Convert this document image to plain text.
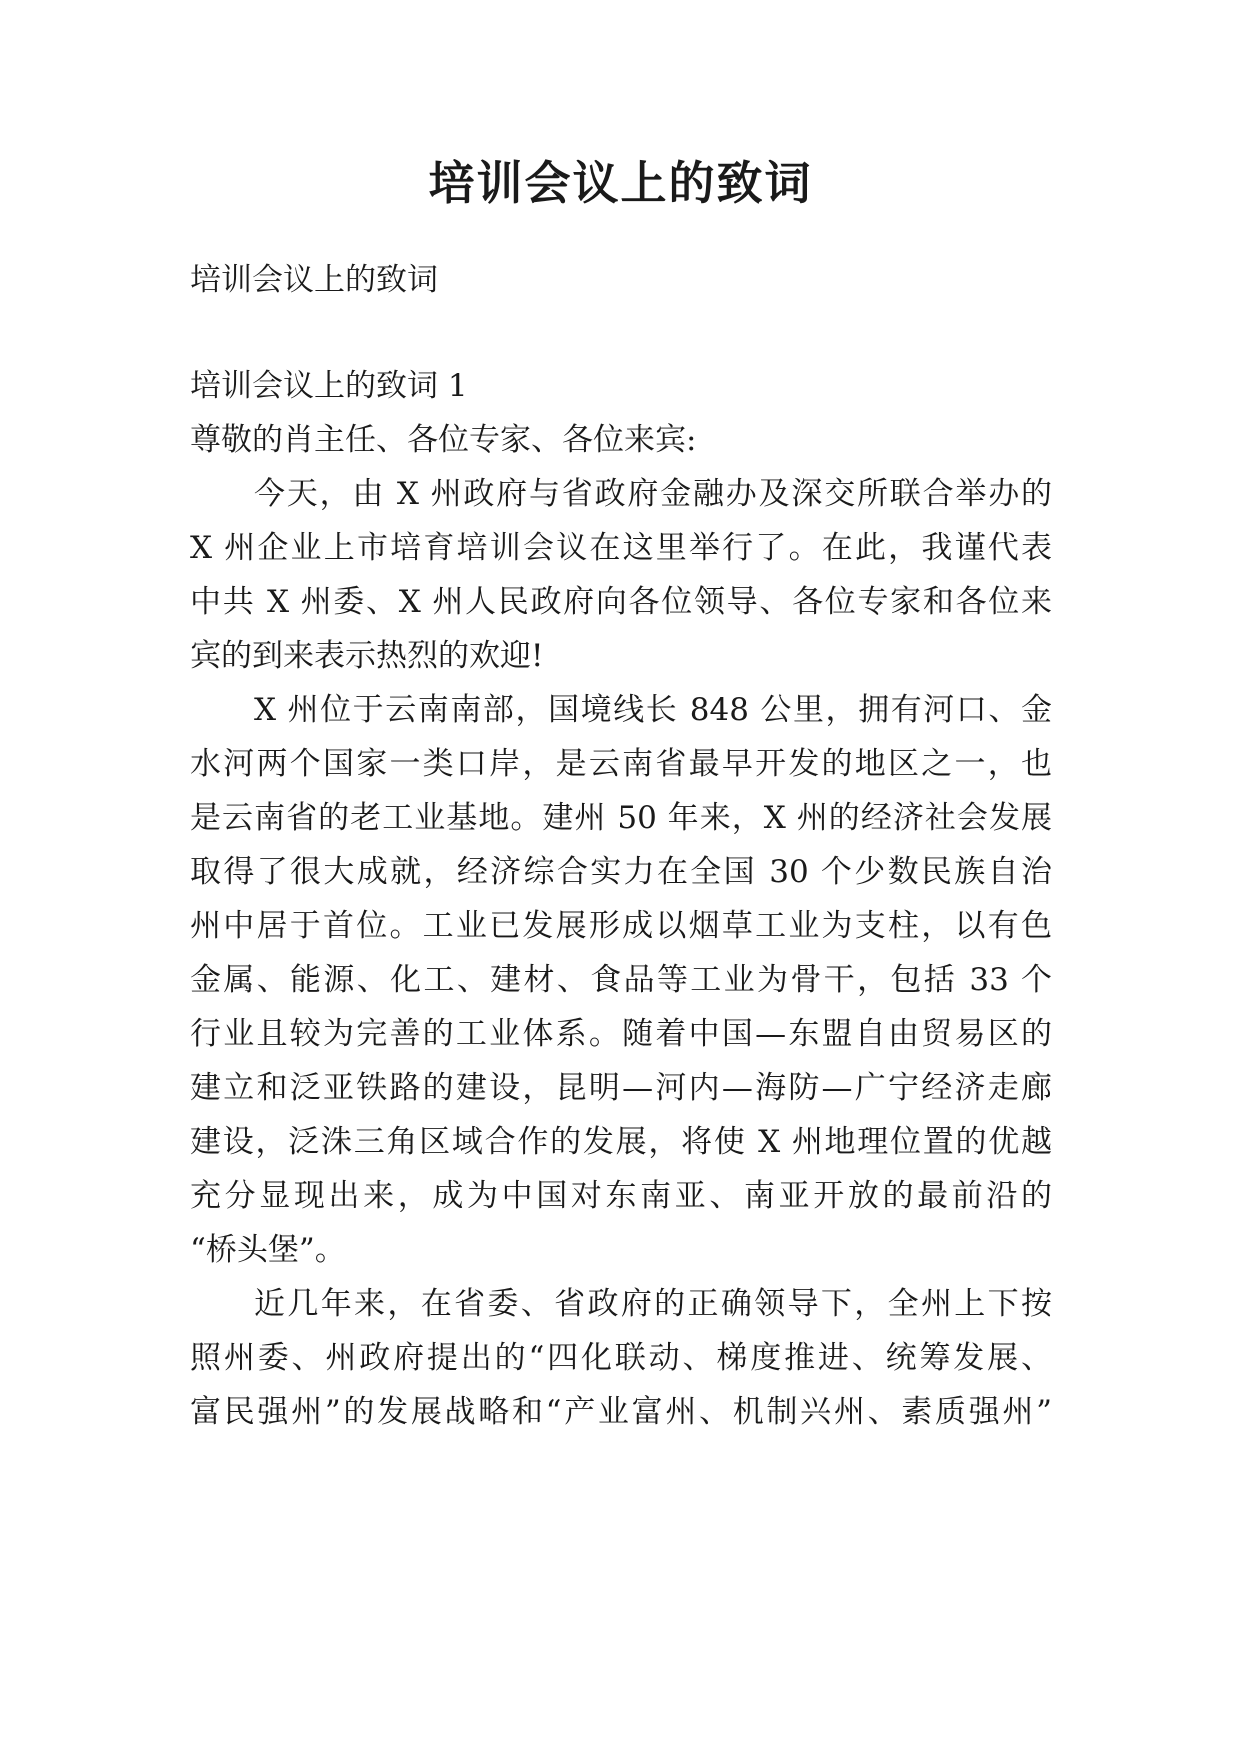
培训会议上的致词

培训会议上的致词

培训会议上的致词 1

尊敬的肖主任、各位专家、各位来宾:

今天，由 X 州政府与省政府金融办及深交所联合举办的

X 州企业上市培育培训会议在这里举行了。在此，我谨代表

中共 X 州委、X 州人民政府向各位领导、各位专家和各位来

宾的到来表示热烈的欢迎!

X 州位于云南南部，国境线长 848 公里，拥有河口、金

水河两个国家一类口岸，是云南省最早开发的地区之一，也

是云南省的老工业基地。建州 50 年来，X 州的经济社会发展

取得了很大成就，经济综合实力在全国 30 个少数民族自治

州中居于首位。工业已发展形成以烟草工业为支柱，以有色

金属、能源、化工、建材、食品等工业为骨干，包括 33 个

行业且较为完善的工业体系。随着中国—东盟自由贸易区的

建立和泛亚铁路的建设，昆明—河内—海防—广宁经济走廊

建设，泛洙三角区域合作的发展，将使 X 州地理位置的优越

充分显现出来，成为中国对东南亚、南亚开放的最前沿的

“桥头堡”。

近几年来，在省委、省政府的正确领导下，全州上下按

照州委、州政府提出的“四化联动、梯度推进、统筹发展、

富民强州”的发展战略和“产业富州、机制兴州、素质强州”
